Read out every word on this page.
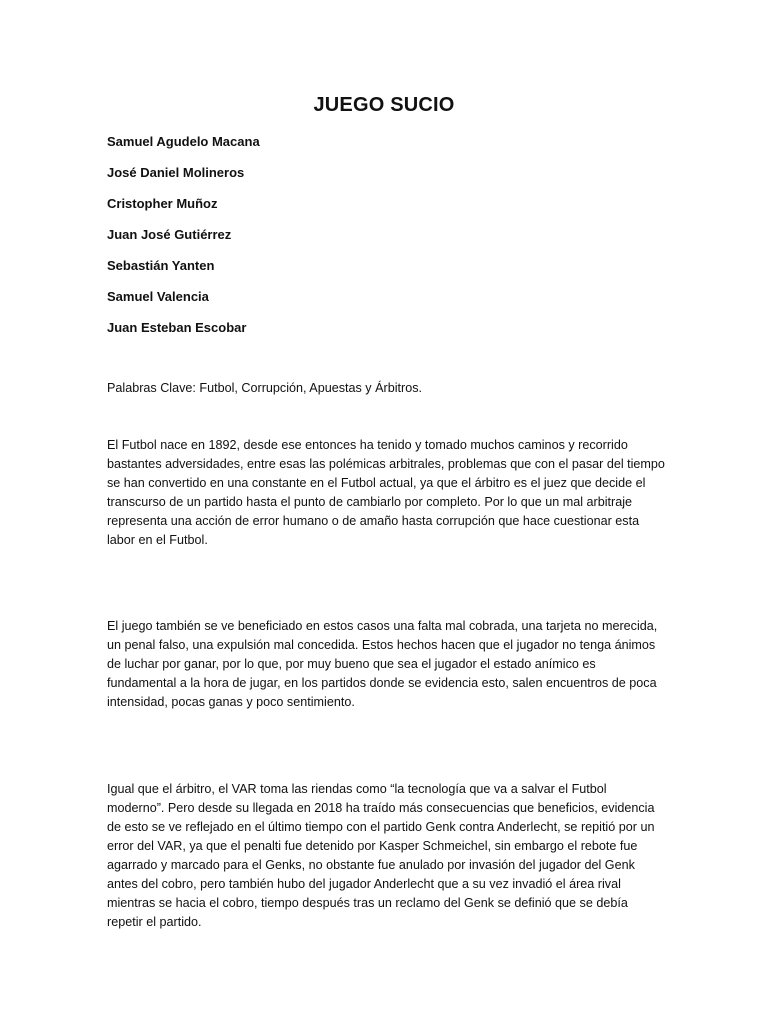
JUEGO SUCIO
Samuel Agudelo Macana
José Daniel Molineros
Cristopher Muñoz
Juan José Gutiérrez
Sebastián Yanten
Samuel Valencia
Juan Esteban Escobar

Palabras Clave: Futbol, Corrupción, Apuestas y Árbitros.

El Futbol nace en 1892, desde ese entonces ha tenido y tomado muchos caminos y recorrido bastantes adversidades, entre esas las polémicas arbitrales, problemas que con el pasar del tiempo se han convertido en una constante en el Futbol actual, ya que el árbitro es el juez que decide el transcurso de un partido hasta el punto de cambiarlo por completo. Por lo que un mal arbitraje representa una acción de error humano o de amaño hasta corrupción que hace cuestionar esta labor en el Futbol.

El juego también se ve beneficiado en estos casos una falta mal cobrada, una tarjeta no merecida, un penal falso, una expulsión mal concedida. Estos hechos hacen que el jugador no tenga ánimos de luchar por ganar, por lo que, por muy bueno que sea el jugador el estado anímico es fundamental a la hora de jugar, en los partidos donde se evidencia esto, salen encuentros de poca intensidad, pocas ganas y poco sentimiento.

Igual que el árbitro, el VAR toma las riendas como “la tecnología que va a salvar el Futbol moderno”. Pero desde su llegada en 2018 ha traído más consecuencias que beneficios, evidencia de esto se ve reflejado en el último tiempo con el partido Genk contra Anderlecht, se repitió por un error del VAR, ya que el penalti fue detenido por Kasper Schmeichel, sin embargo el rebote fue agarrado y marcado para el Genks, no obstante fue anulado por invasión del jugador del Genk antes del cobro, pero también hubo del jugador Anderlecht que a su vez invadió el área rival mientras se hacia el cobro, tiempo después tras un reclamo del Genk se definió que se debía repetir el partido.
